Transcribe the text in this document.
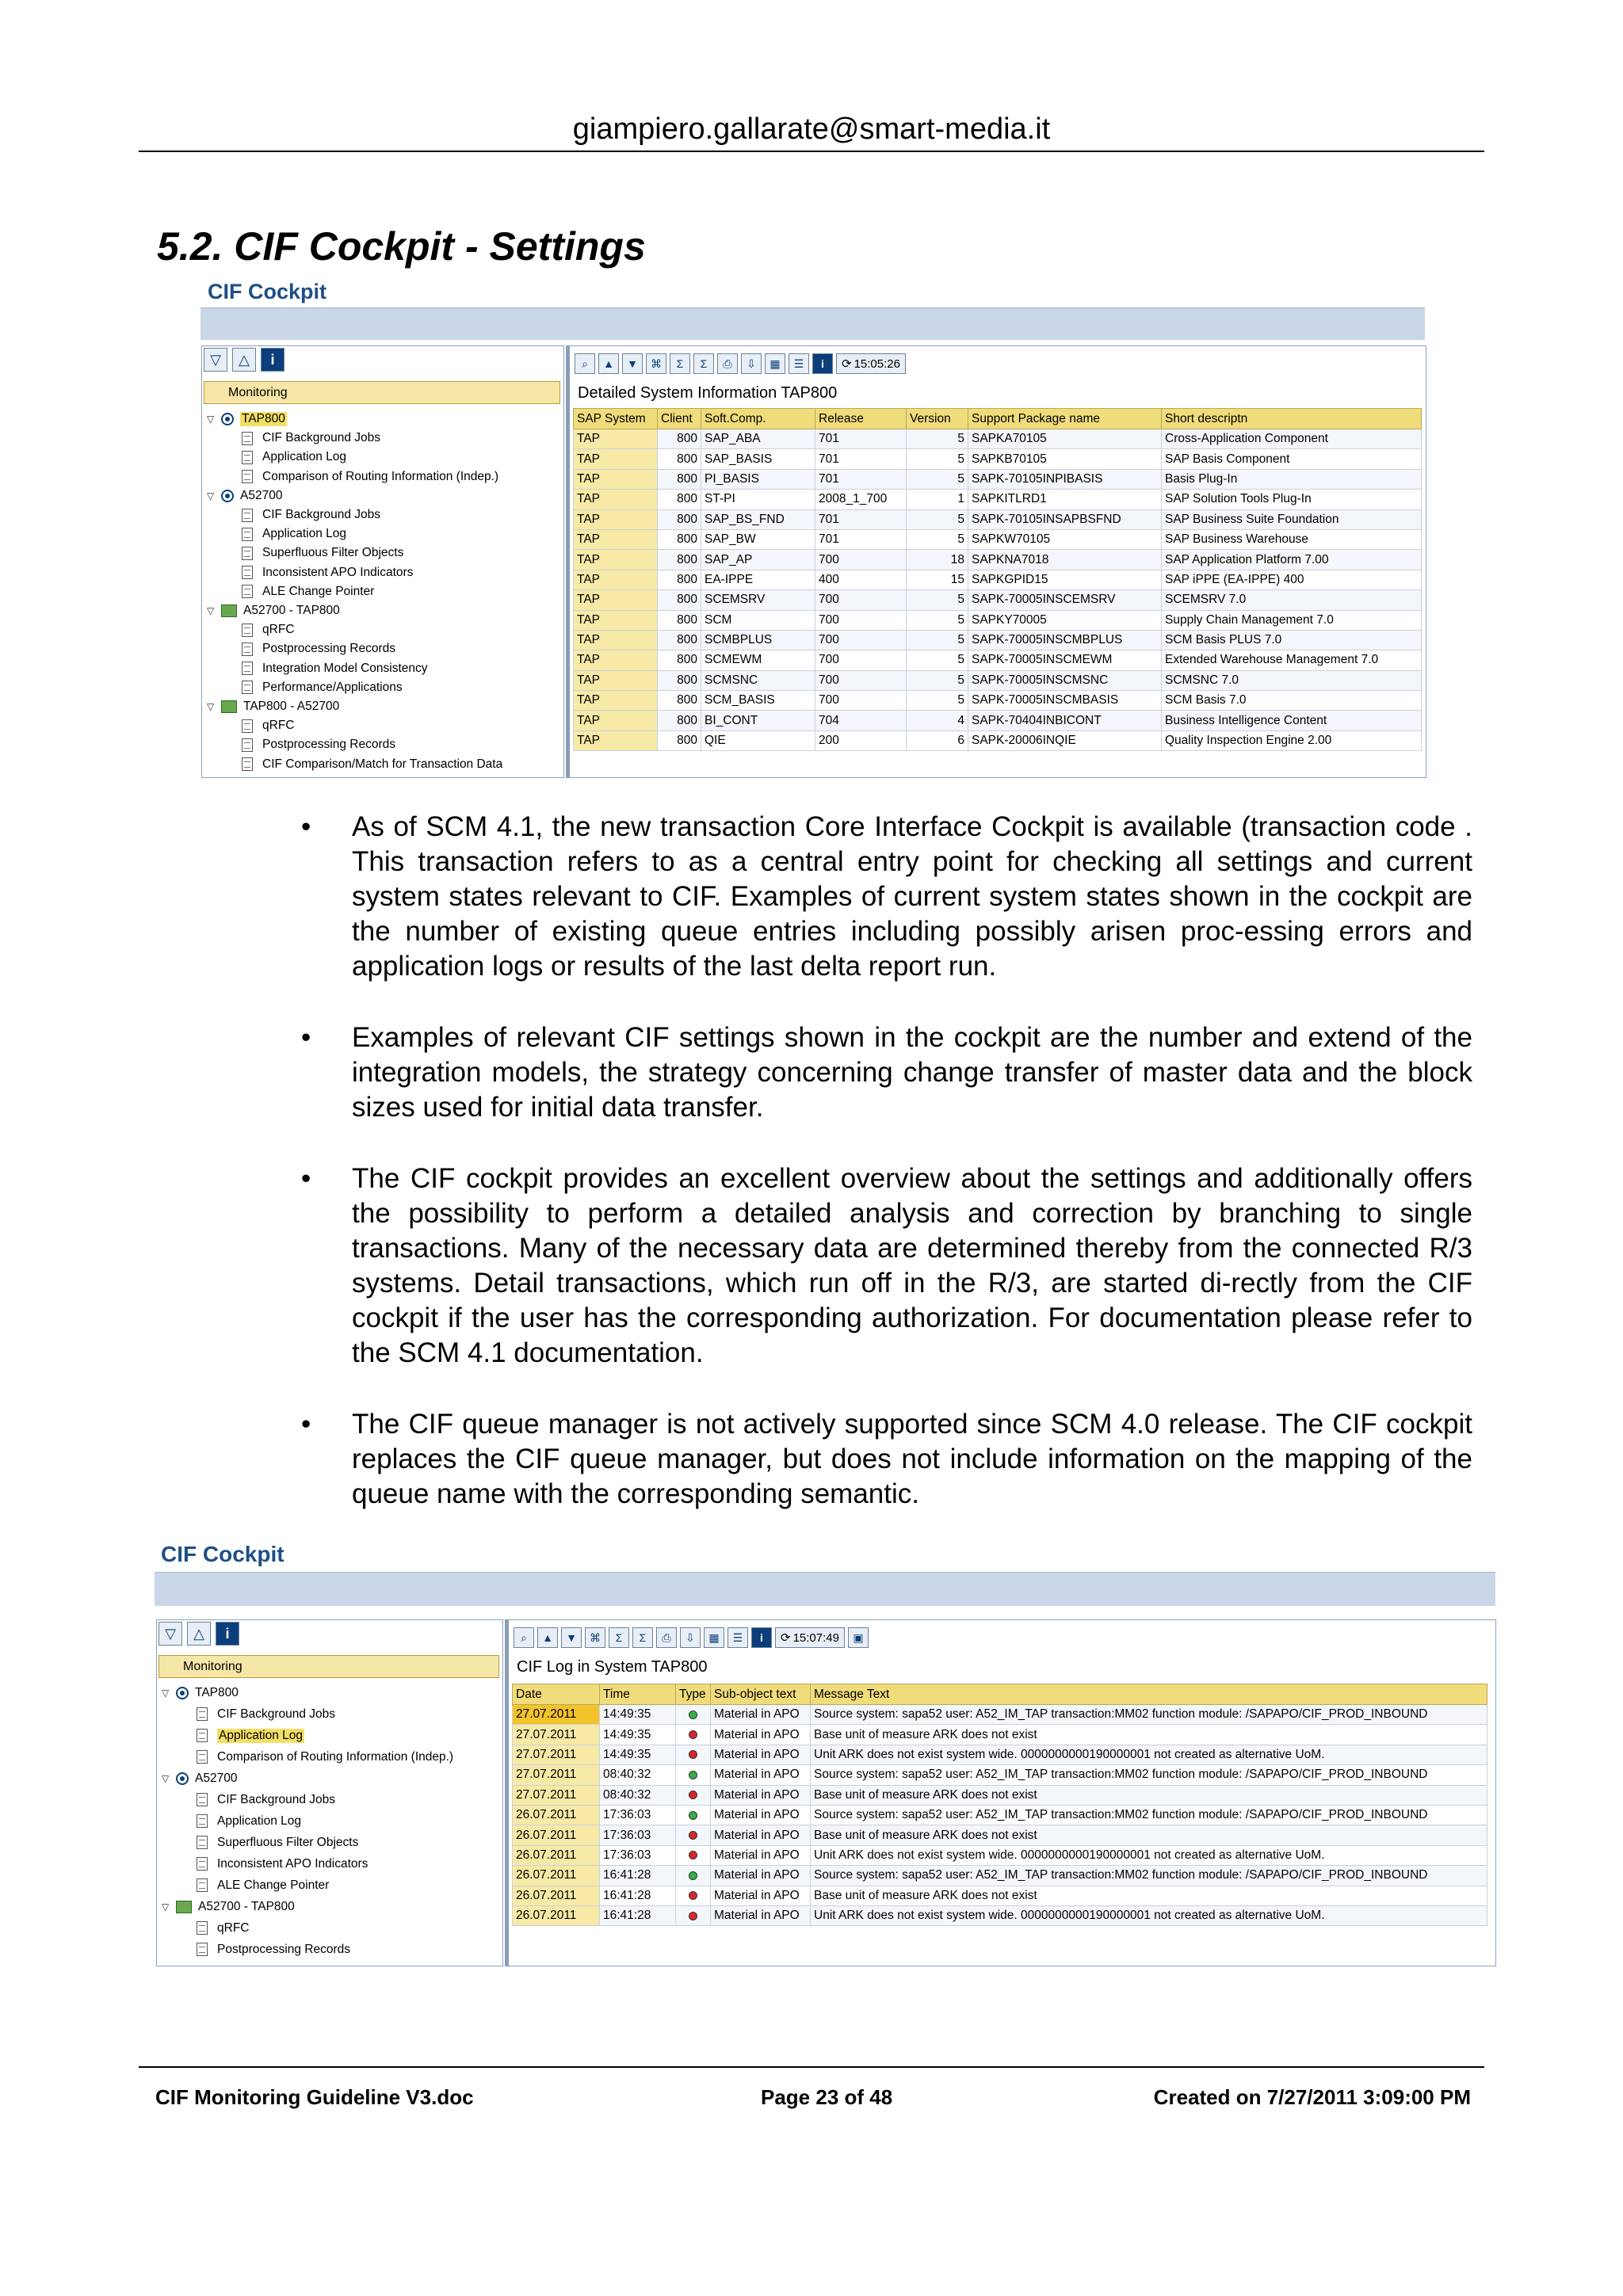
giampiero.gallarate@smart-media.it
5.2. CIF Cockpit - Settings
CIF Cockpit
▽	△	i
Monitoring
▽	TAP800
CIF Background Jobs
Application Log
Comparison of Routing Information (Indep.)
▽	A52700
CIF Background Jobs
Application Log
Superfluous Filter Objects
Inconsistent APO Indicators
ALE Change Pointer
▽	A52700 - TAP800
qRFC
Postprocessing Records
Integration Model Consistency
Performance/Applications
▽	TAP800 - A52700
qRFC
Postprocessing Records
CIF Comparison/Match for Transaction Data
⌕	▲	▼	⌘	Σ	Σ	⎙	⇩	▦	☰	i	⟳ 15:05:26
Detailed System Information TAP800
SAP System	Client	Soft.Comp.	Release	Version	Support Package name	Short descriptn
TAP	800	SAP_ABA	701	5	SAPKA70105	Cross-Application Component
TAP	800	SAP_BASIS	701	5	SAPKB70105	SAP Basis Component
TAP	800	PI_BASIS	701	5	SAPK-70105INPIBASIS	Basis Plug-In
TAP	800	ST-PI	2008_1_700	1	SAPKITLRD1	SAP Solution Tools Plug-In
TAP	800	SAP_BS_FND	701	5	SAPK-70105INSAPBSFND	SAP Business Suite Foundation
TAP	800	SAP_BW	701	5	SAPKW70105	SAP Business Warehouse
TAP	800	SAP_AP	700	18	SAPKNA7018	SAP Application Platform 7.00
TAP	800	EA-IPPE	400	15	SAPKGPID15	SAP iPPE (EA-IPPE) 400
TAP	800	SCEMSRV	700	5	SAPK-70005INSCEMSRV	SCEMSRV 7.0
TAP	800	SCM	700	5	SAPKY70005	Supply Chain Management 7.0
TAP	800	SCMBPLUS	700	5	SAPK-70005INSCMBPLUS	SCM Basis PLUS 7.0
TAP	800	SCMEWM	700	5	SAPK-70005INSCMEWM	Extended Warehouse Management 7.0
TAP	800	SCMSNC	700	5	SAPK-70005INSCMSNC	SCMSNC 7.0
TAP	800	SCM_BASIS	700	5	SAPK-70005INSCMBASIS	SCM Basis 7.0
TAP	800	BI_CONT	704	4	SAPK-70404INBICONT	Business Intelligence Content
TAP	800	QIE	200	6	SAPK-20006INQIE	Quality Inspection Engine 2.00
• As of SCM 4.1, the new transaction Core Interface Cockpit is available (transaction code . This transaction refers to as a central entry point for checking all settings and current system states relevant to CIF. Examples of current system states shown in the cockpit are the number of existing queue entries including possibly arisen proc-essing errors and application logs or results of the last delta report run.
• Examples of relevant CIF settings shown in the cockpit are the number and extend of the integration models, the strategy concerning change transfer of master data and the block sizes used for initial data transfer.
• The CIF cockpit provides an excellent overview about the settings and additionally offers the possibility to perform a detailed analysis and correction by branching to single transactions. Many of the necessary data are determined thereby from the connected R/3 systems. Detail transactions, which run off in the R/3, are started di-rectly from the CIF cockpit if the user has the corresponding authorization. For documentation please refer to the SCM 4.1 documentation.
• The CIF queue manager is not actively supported since SCM 4.0 release. The CIF cockpit replaces the CIF queue manager, but does not include information on the mapping of the queue name with the corresponding semantic.
CIF Cockpit
▽	△	i
Monitoring
▽	TAP800
CIF Background Jobs
Application Log
Comparison of Routing Information (Indep.)
▽	A52700
CIF Background Jobs
Application Log
Superfluous Filter Objects
Inconsistent APO Indicators
ALE Change Pointer
▽	A52700 - TAP800
qRFC
Postprocessing Records
⌕	▲	▼	⌘	Σ	Σ	⎙	⇩	▦	☰	i	⟳ 15:07:49	▣
CIF Log in System TAP800
Date	Time	Type	Sub-object text	Message Text
27.07.2011	14:49:35		Material in APO	Source system: sapa52 user: A52_IM_TAP transaction:MM02 function module: /SAPAPO/CIF_PROD_INBOUND
27.07.2011	14:49:35		Material in APO	Base unit of measure ARK does not exist
27.07.2011	14:49:35		Material in APO	Unit ARK does not exist system wide. 0000000000190000001 not created as alternative UoM.
27.07.2011	08:40:32		Material in APO	Source system: sapa52 user: A52_IM_TAP transaction:MM02 function module: /SAPAPO/CIF_PROD_INBOUND
27.07.2011	08:40:32		Material in APO	Base unit of measure ARK does not exist
26.07.2011	17:36:03		Material in APO	Source system: sapa52 user: A52_IM_TAP transaction:MM02 function module: /SAPAPO/CIF_PROD_INBOUND
26.07.2011	17:36:03		Material in APO	Base unit of measure ARK does not exist
26.07.2011	17:36:03		Material in APO	Unit ARK does not exist system wide. 0000000000190000001 not created as alternative UoM.
26.07.2011	16:41:28		Material in APO	Source system: sapa52 user: A52_IM_TAP transaction:MM02 function module: /SAPAPO/CIF_PROD_INBOUND
26.07.2011	16:41:28		Material in APO	Base unit of measure ARK does not exist
26.07.2011	16:41:28		Material in APO	Unit ARK does not exist system wide. 0000000000190000001 not created as alternative UoM.
CIF Monitoring Guideline V3.doc	Page 23 of 48	Created on 7/27/2011 3:09:00 PM
